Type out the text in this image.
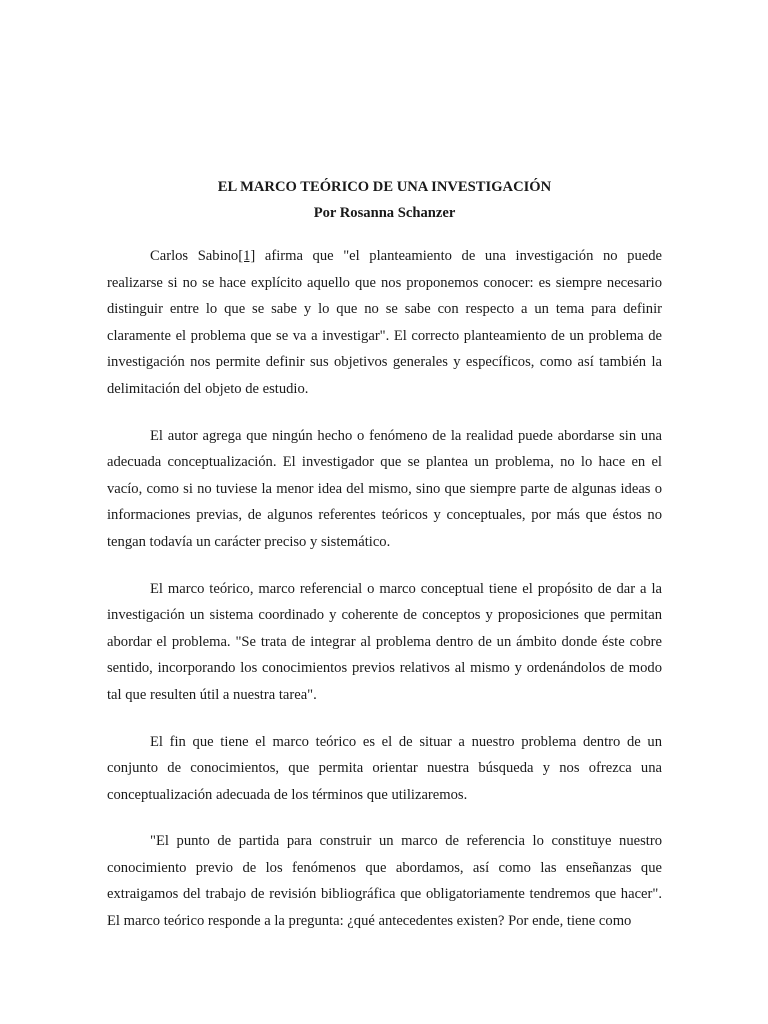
EL MARCO TEÓRICO DE UNA INVESTIGACIÓN
Por Rosanna Schanzer

Carlos Sabino[1] afirma que "el planteamiento de una investigación no puede realizarse si no se hace explícito aquello que nos proponemos conocer: es siempre necesario distinguir entre lo que se sabe y lo que no se sabe con respecto a un tema para definir claramente el problema que se va a investigar". El correcto planteamiento de un problema de investigación nos permite definir sus objetivos generales y específicos, como así también la delimitación del objeto de estudio.

El autor agrega que ningún hecho o fenómeno de la realidad puede abordarse sin una adecuada conceptualización. El investigador que se plantea un problema, no lo hace en el vacío, como si no tuviese la menor idea del mismo, sino que siempre parte de algunas ideas o informaciones previas, de algunos referentes teóricos y conceptuales, por más que éstos no tengan todavía un carácter preciso y sistemático.

El marco teórico, marco referencial o marco conceptual tiene el propósito de dar a la investigación un sistema coordinado y coherente de conceptos y proposiciones que permitan abordar el problema. "Se trata de integrar al problema dentro de un ámbito donde éste cobre sentido, incorporando los conocimientos previos relativos al mismo y ordenándolos de modo tal que resulten útil a nuestra tarea".

El fin que tiene el marco teórico es el de situar a nuestro problema dentro de un conjunto de conocimientos, que permita orientar nuestra búsqueda y nos ofrezca una conceptualización adecuada de los términos que utilizaremos.

"El punto de partida para construir un marco de referencia lo constituye nuestro conocimiento previo de los fenómenos que abordamos, así como las enseñanzas que extraigamos del trabajo de revisión bibliográfica que obligatoriamente tendremos que hacer". El marco teórico responde a la pregunta: ¿qué antecedentes existen? Por ende, tiene como
